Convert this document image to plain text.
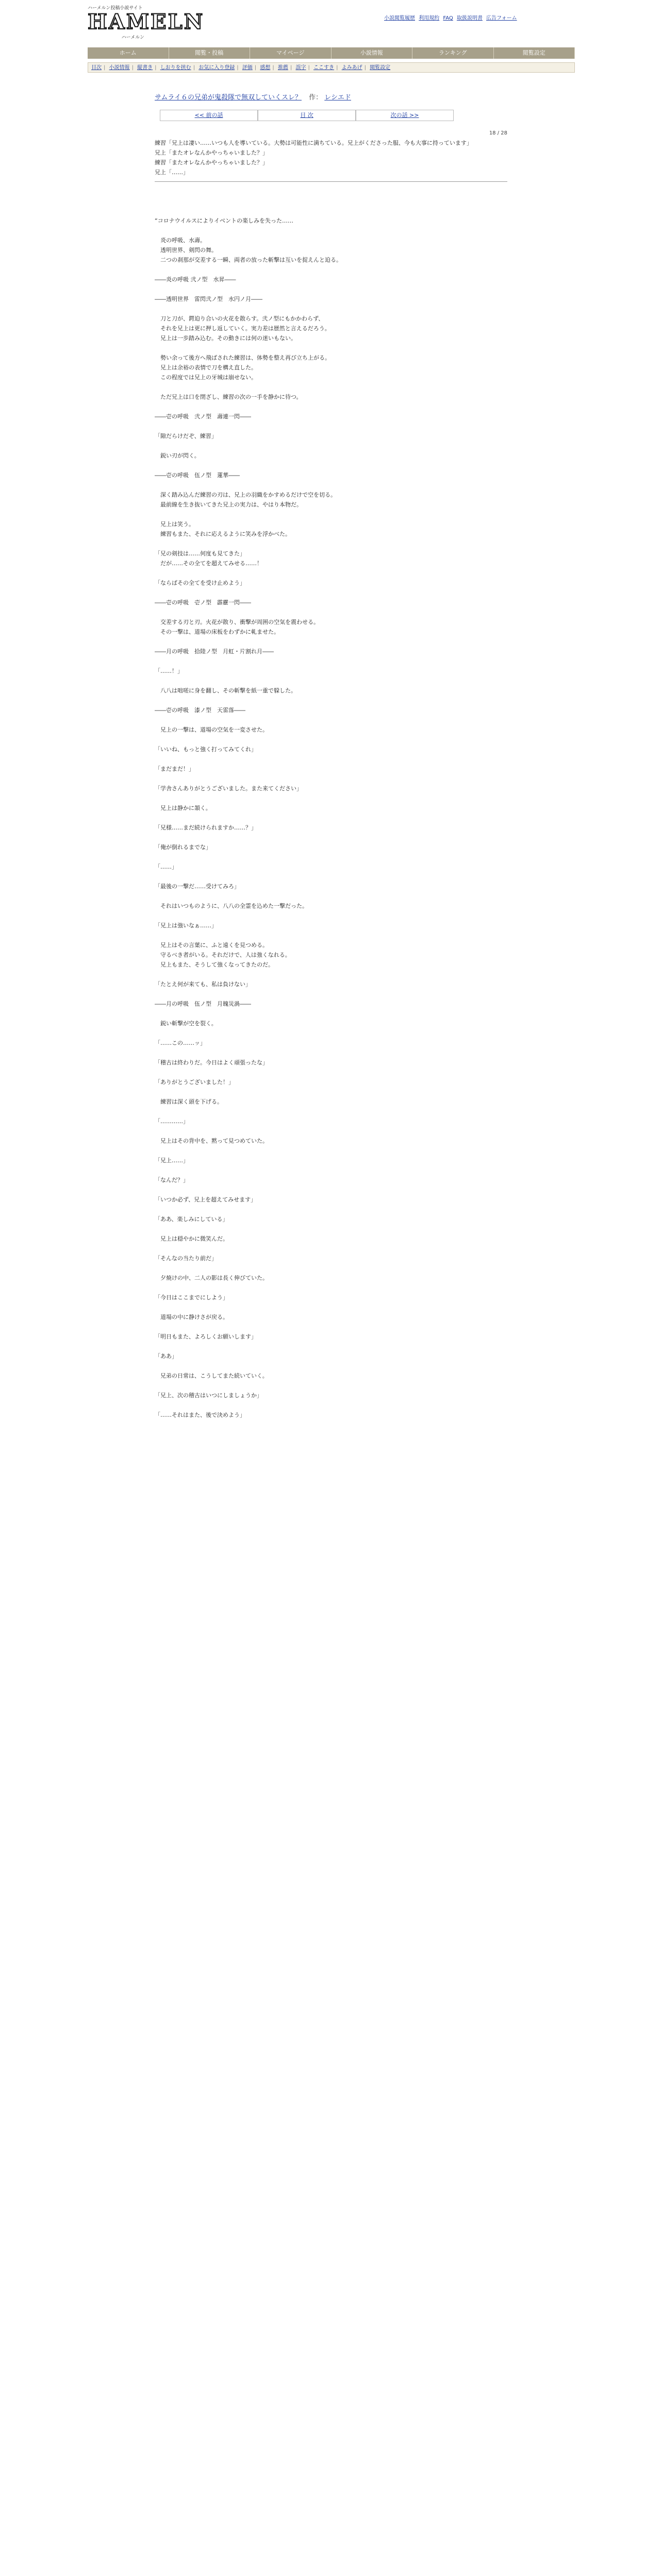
ハーメルン投稿小説サイト
HAMELN
ハーメルン
小説閲覧履歴 利用規約 FAQ 取扱説明書 広告フォーム
ホーム	閲覧・投稿	マイページ	小説情報	ランキング	閲覧設定
目次 | 小説情報 | 縦書き | しおりを挟む | お気に入り登録 | 評価 | 感想 | 推薦 | 誤字 | ここすき | よみあげ | 閲覧設定
サムライ６の兄弟が鬼殺隊で無双していくスレ？ 作： レシエド
<< 前の話	目 次	次の話 >>
18 / 28
練習「兄上は凄い……いつも人を導いている。大勢は可能性に満ちている。兄上がくださった服、今も大事に持っています」
兄上「またオレなんかやっちゃいました？」
練習「またオレなんかやっちゃいました？」
兄上「……」
“コロナウイルスによりイベントの楽しみを失った……
　炎の呼吸、水壽。
　透明世界、剣閃の舞。
　二つの刹那が交差する一瞬、両者の放った斬撃は互いを捉えんと迫る。
――炎の呼吸 弐ノ型　水昇――
――透明世界　雷閃弐ノ型　水円ノ月――
　刀と刀が、鍔迫り合いの火花を散らす。弐ノ型にもかかわらず、
　それを兄上は更に押し返していく。実力差は歴然と言えるだろう。
　兄上は一歩踏み込む。その動きには何の迷いもない。
　勢い余って後方へ飛ばされた練習は、体勢を整え再び立ち上がる。
　兄上は余裕の表情で刀を構え直した。
　この程度では兄上の牙城は崩せない。
　ただ兄上は口を閉ざし、練習の次の一手を静かに待つ。
――壱の呼吸　弐ノ型　壽連一閃――
「隙だらけだぞ、練習」
　鋭い刃が閃く。
――壱の呼吸　伍ノ型　蓮華――
　深く踏み込んだ練習の刃は、兄上の羽織をかすめるだけで空を切る。
　最前線を生き抜いてきた兄上の実力は、やはり本物だ。
　兄上は笑う。
　練習もまた、それに応えるように笑みを浮かべた。
「兄の剣技は……何度も見てきた」
　だが……その全てを超えてみせる……！
「ならばその全てを受け止めよう」
――壱の呼吸　壱ノ型　霹靂一閃――
　交差する刃と刃。火花が散り、衝撃が周囲の空気を震わせる。
　その一撃は、道場の床板をわずかに軋ませた。
――月の呼吸　拾陸ノ型　月虹・片割れ月――
「……！」
　八八は咄嗟に身を翻し、その斬撃を紙一重で躱した。
――壱の呼吸　漆ノ型　天雷落――
　兄上の一撃は、道場の空気を一変させた。
「いいね、もっと強く打ってみてくれ」
「まだまだ！」
「学舎さんありがとうございました。また来てください」
　兄上は静かに頷く。
「兄様……まだ続けられますか……？」
「俺が倒れるまでな」
「……」
「最後の一撃だ……受けてみろ」
　それはいつものように、八八の全霊を込めた一撃だった。
「兄上は強いなぁ……」
　兄上はその言葉に、ふと遠くを見つめる。
　守るべき者がいる。それだけで、人は強くなれる。
　兄上もまた、そうして強くなってきたのだ。
「たとえ何が来ても、私は負けない」
――月の呼吸　伍ノ型　月魄災渦――
　鋭い斬撃が空を裂く。
「……この……ッ」
「稽古は終わりだ。今日はよく頑張ったな」
「ありがとうございました！」
　練習は深く頭を下げる。
「…………」
　兄上はその背中を、黙って見つめていた。
「兄上……」
「なんだ？」
「いつか必ず、兄上を超えてみせます」
「ああ、楽しみにしている」
　兄上は穏やかに微笑んだ。
「そんなの当たり前だ」
　夕焼けの中、二人の影は長く伸びていた。
「今日はここまでにしよう」
　道場の中に静けさが戻る。
「明日もまた、よろしくお願いします」
「ああ」
　兄弟の日常は、こうしてまた続いていく。
「兄上、次の稽古はいつにしましょうか」
「……それはまた、後で決めよう」
